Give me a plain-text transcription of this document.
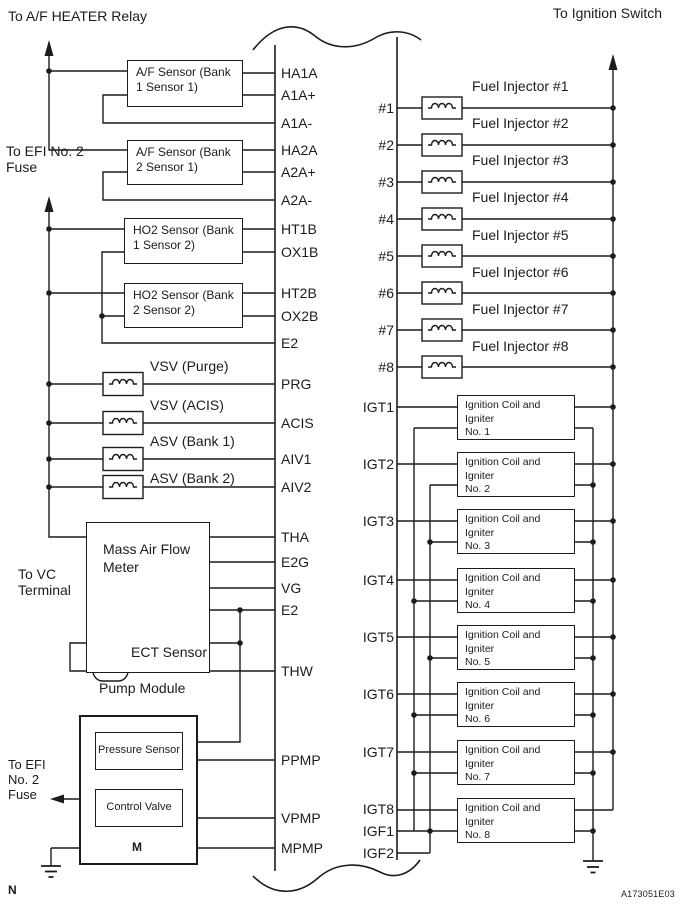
To A/F HEATER Relay	To Ignition Switch
To EFI No. 2
Fuse
To VC
Terminal
To EFI
No. 2
Fuse
N	A173051E03
A/F Sensor (Bank 1 Sensor 1)
A/F Sensor (Bank 2 Sensor 1)
HO2 Sensor (Bank 1 Sensor 2)
HO2 Sensor (Bank 2 Sensor 2)
VSV (Purge)
VSV (ACIS)
ASV (Bank 1)
ASV (Bank 2)
Mass Air Flow
Meter
ECT Sensor
Pump Module
Pressure Sensor
Control Valve
M
HA1A
A1A+
A1A-
HA2A
A2A+
A2A-
HT1B
OX1B
HT2B
OX2B
E2
PRG
ACIS
AIV1
AIV2
THA
E2G
VG
E2
THW
PPMP
VPMP
MPMP
#1
#2
#3
#4
#5
#6
#7
#8
IGT1
IGT2
IGT3
IGT4
IGT5
IGT6
IGT7
IGT8
IGF1
IGF2
Fuel Injector #1
Fuel Injector #2
Fuel Injector #3
Fuel Injector #4
Fuel Injector #5
Fuel Injector #6
Fuel Injector #7
Fuel Injector #8
Ignition Coil and Igniter
No. 1
Ignition Coil and Igniter
No. 2
Ignition Coil and Igniter
No. 3
Ignition Coil and Igniter
No. 4
Ignition Coil and Igniter
No. 5
Ignition Coil and Igniter
No. 6
Ignition Coil and Igniter
No. 7
Ignition Coil and Igniter
No. 8
